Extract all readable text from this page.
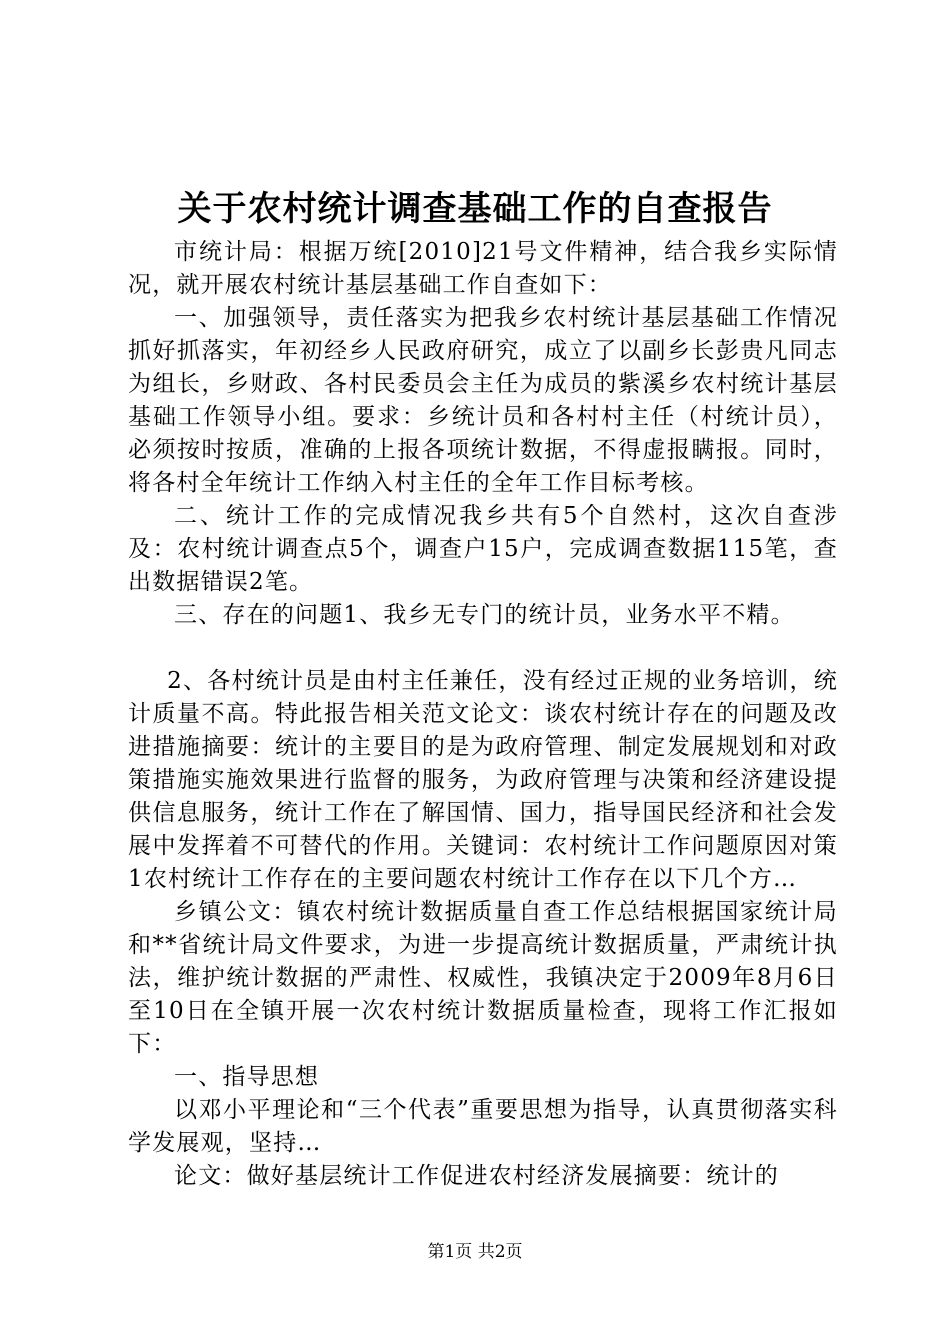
关于农村统计调查基础工作的自查报告

市统计局：根据万统[2010]21号文件精神，结合我乡实际情况，就开展农村统计基层基础工作自查如下：

一、加强领导，责任落实为把我乡农村统计基层基础工作情况抓好抓落实，年初经乡人民政府研究，成立了以副乡长彭贵凡同志为组长，乡财政、各村民委员会主任为成员的紫溪乡农村统计基层基础工作领导小组。要求：乡统计员和各村村主任（村统计员），必须按时按质，准确的上报各项统计数据，不得虚报瞒报。同时，将各村全年统计工作纳入村主任的全年工作目标考核。

二、统计工作的完成情况我乡共有5个自然村，这次自查涉及：农村统计调查点5个，调查户15户，完成调查数据115笔，查出数据错误2笔。

三、存在的问题1、我乡无专门的统计员，业务水平不精。

2、各村统计员是由村主任兼任，没有经过正规的业务培训，统计质量不高。特此报告相关范文论文：谈农村统计存在的问题及改进措施摘要：统计的主要目的是为政府管理、制定发展规划和对政策措施实施效果进行监督的服务，为政府管理与决策和经济建设提供信息服务，统计工作在了解国情、国力，指导国民经济和社会发展中发挥着不可替代的作用。关键词：农村统计工作问题原因对策1农村统计工作存在的主要问题农村统计工作存在以下几个方…

乡镇公文：镇农村统计数据质量自查工作总结根据国家统计局和**省统计局文件要求，为进一步提高统计数据质量，严肃统计执法，维护统计数据的严肃性、权威性，我镇决定于2009年8月6日至10日在全镇开展一次农村统计数据质量检查，现将工作汇报如下：

一、指导思想

以邓小平理论和“三个代表”重要思想为指导，认真贯彻落实科学发展观，坚持…

论文：做好基层统计工作促进农村经济发展摘要：统计的

第1页 共2页
